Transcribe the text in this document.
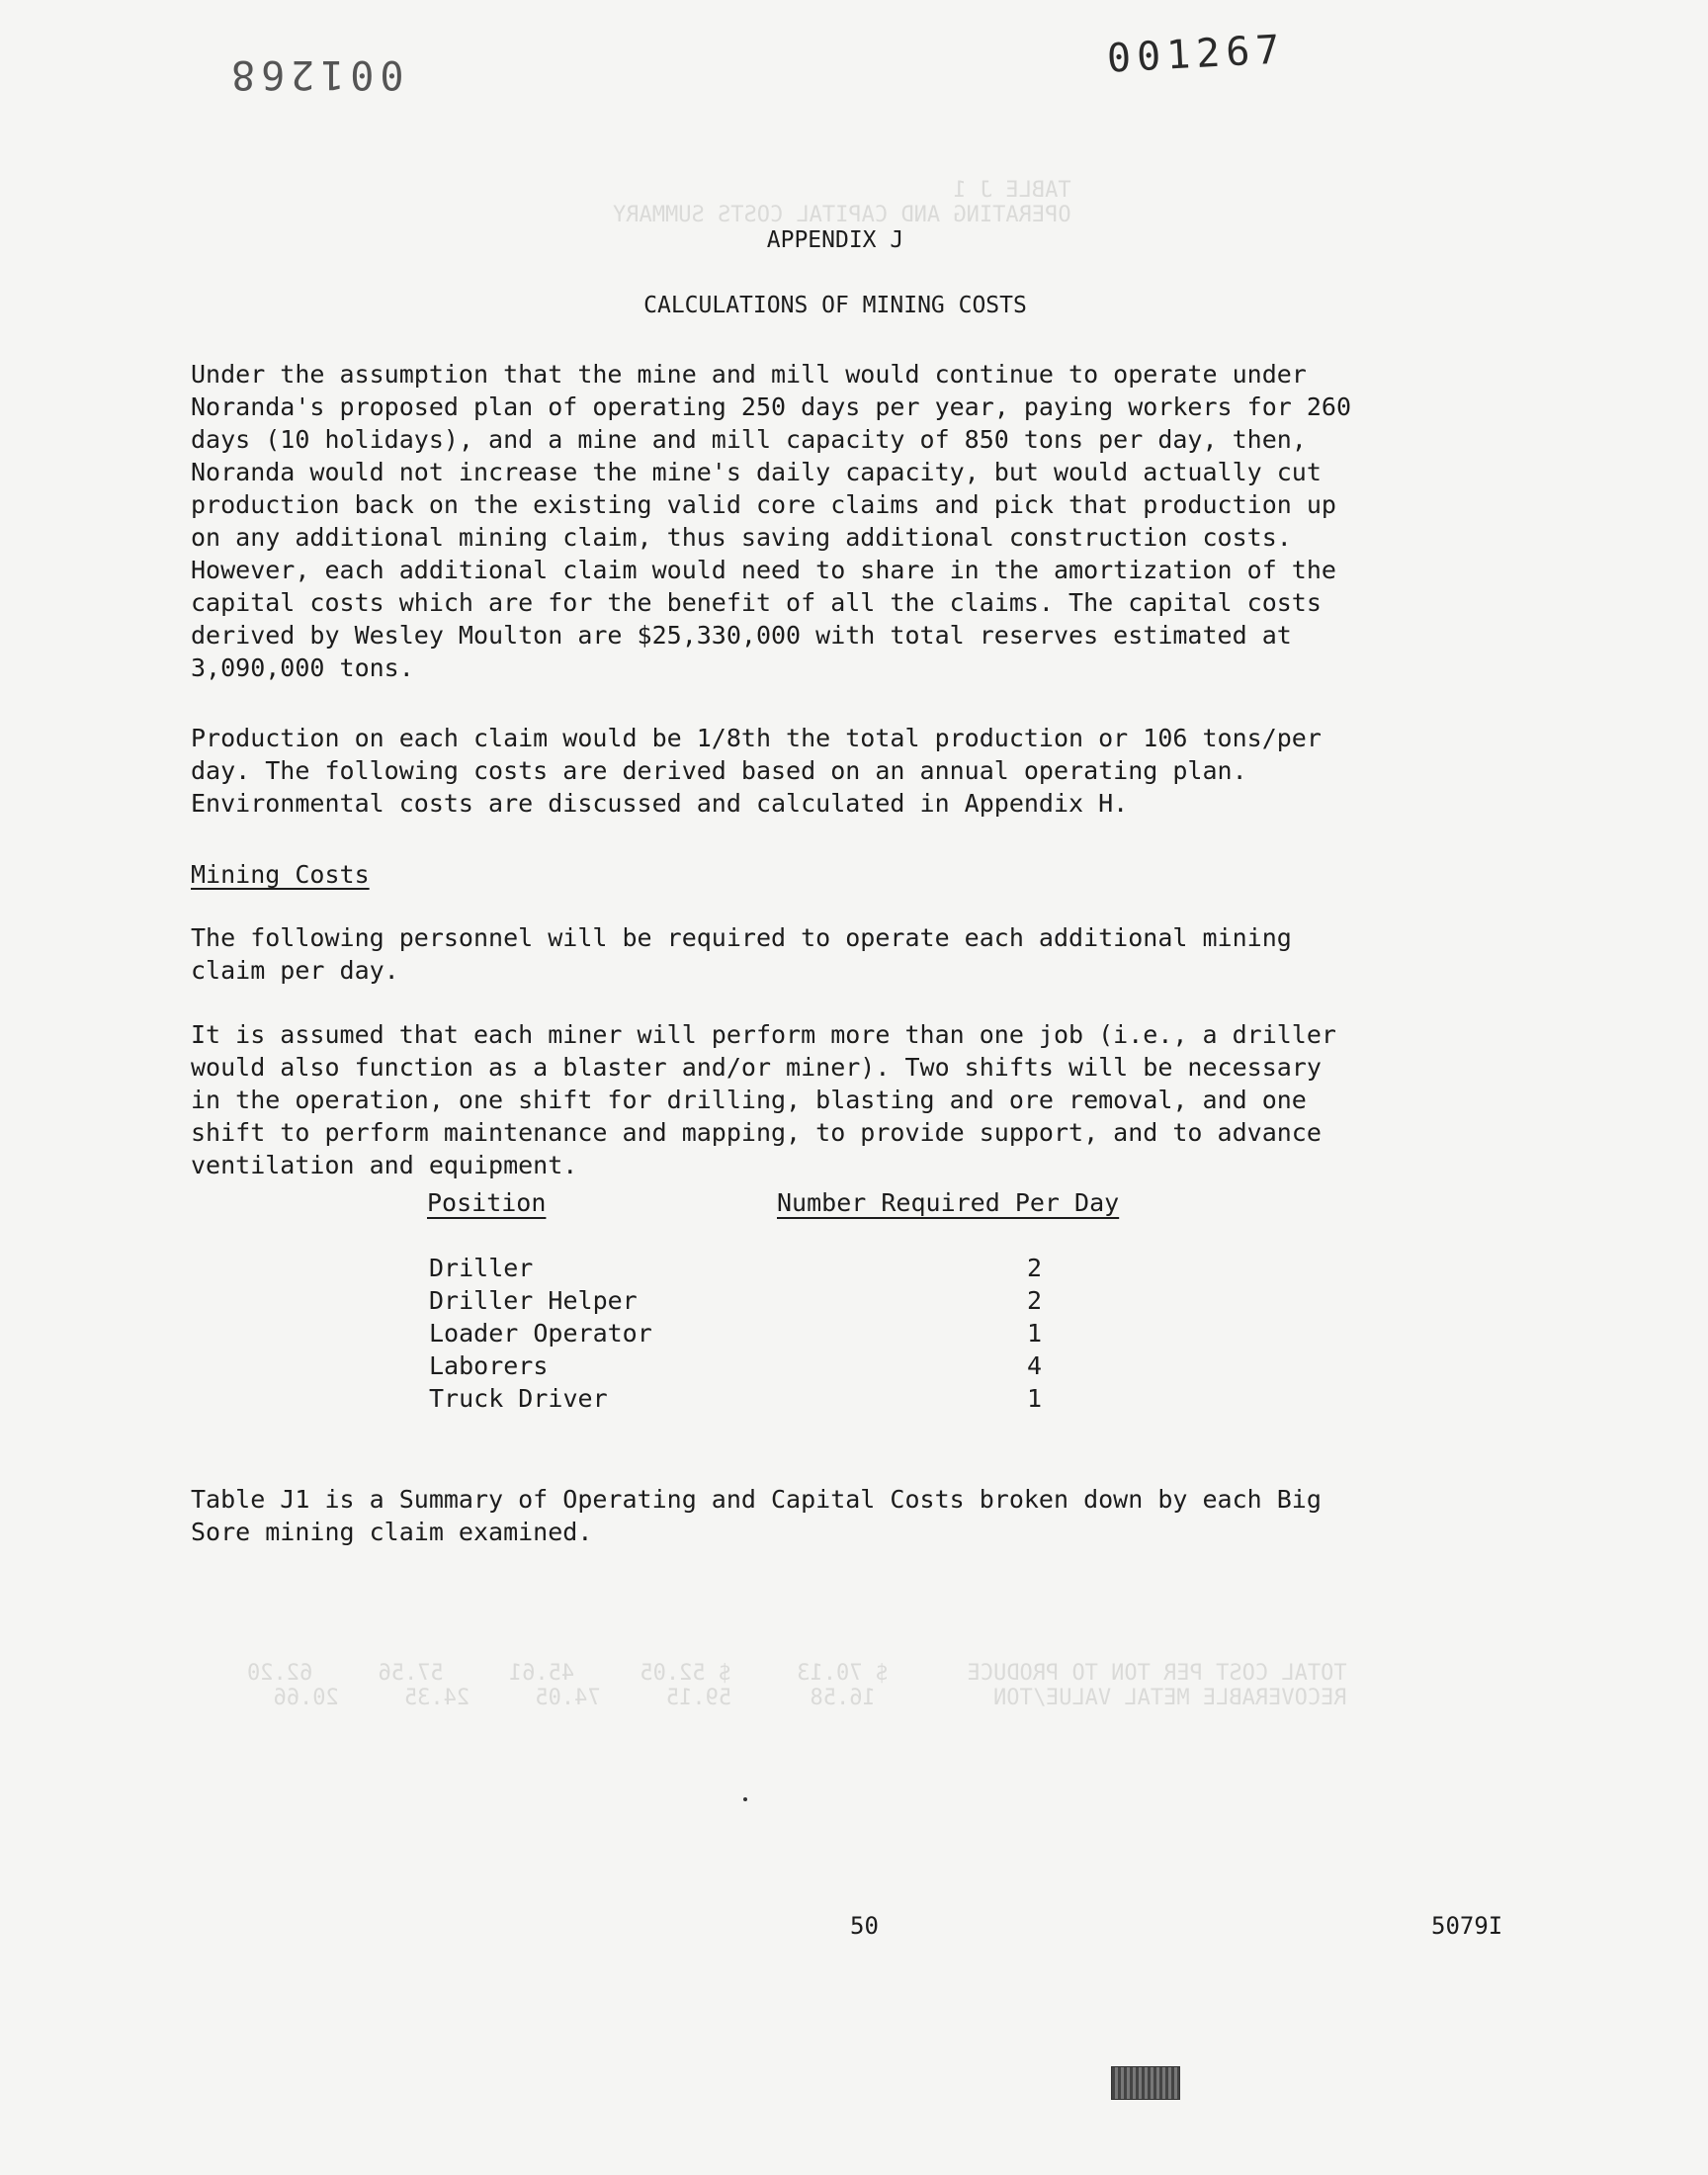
TABLE J 1
OPERATING AND CAPITAL COSTS SUMMARY
TOTAL COST PER TON TO PRODUCE      $ 70.13     $ 52.05     45.61     57.56     62.20
RECOVERABLE METAL VALUE/TON         16.58      59.15     74.05     24.35     20.66
001268	001267
APPENDIX J
CALCULATIONS OF MINING COSTS

Under the assumption that the mine and mill would continue to operate under
Noranda's proposed plan of operating 250 days per year, paying workers for 260
days (10 holidays), and a mine and mill capacity of 850 tons per day, then,
Noranda would not increase the mine's daily capacity, but would actually cut
production back on the existing valid core claims and pick that production up
on any additional mining claim, thus saving additional construction costs.
However, each additional claim would need to share in the amortization of the
capital costs which are for the benefit of all the claims. The capital costs
derived by Wesley Moulton are $25,330,000 with total reserves estimated at
3,090,000 tons.

Production on each claim would be 1/8th the total production or 106 tons/per
day. The following costs are derived based on an annual operating plan.
Environmental costs are discussed and calculated in Appendix H.

Mining Costs

The following personnel will be required to operate each additional mining
claim per day.

It is assumed that each miner will perform more than one job (i.e., a driller
would also function as a blaster and/or miner). Two shifts will be necessary
in the operation, one shift for drilling, blasting and ore removal, and one
shift to perform maintenance and mapping, to provide support, and to advance
ventilation and equipment.

Position	Number Required Per Day
Driller	2
Driller Helper	2
Loader Operator	1
Laborers	4
Truck Driver	1

Table J1 is a Summary of Operating and Capital Costs broken down by each Big
Sore mining claim examined.

50	5079I
